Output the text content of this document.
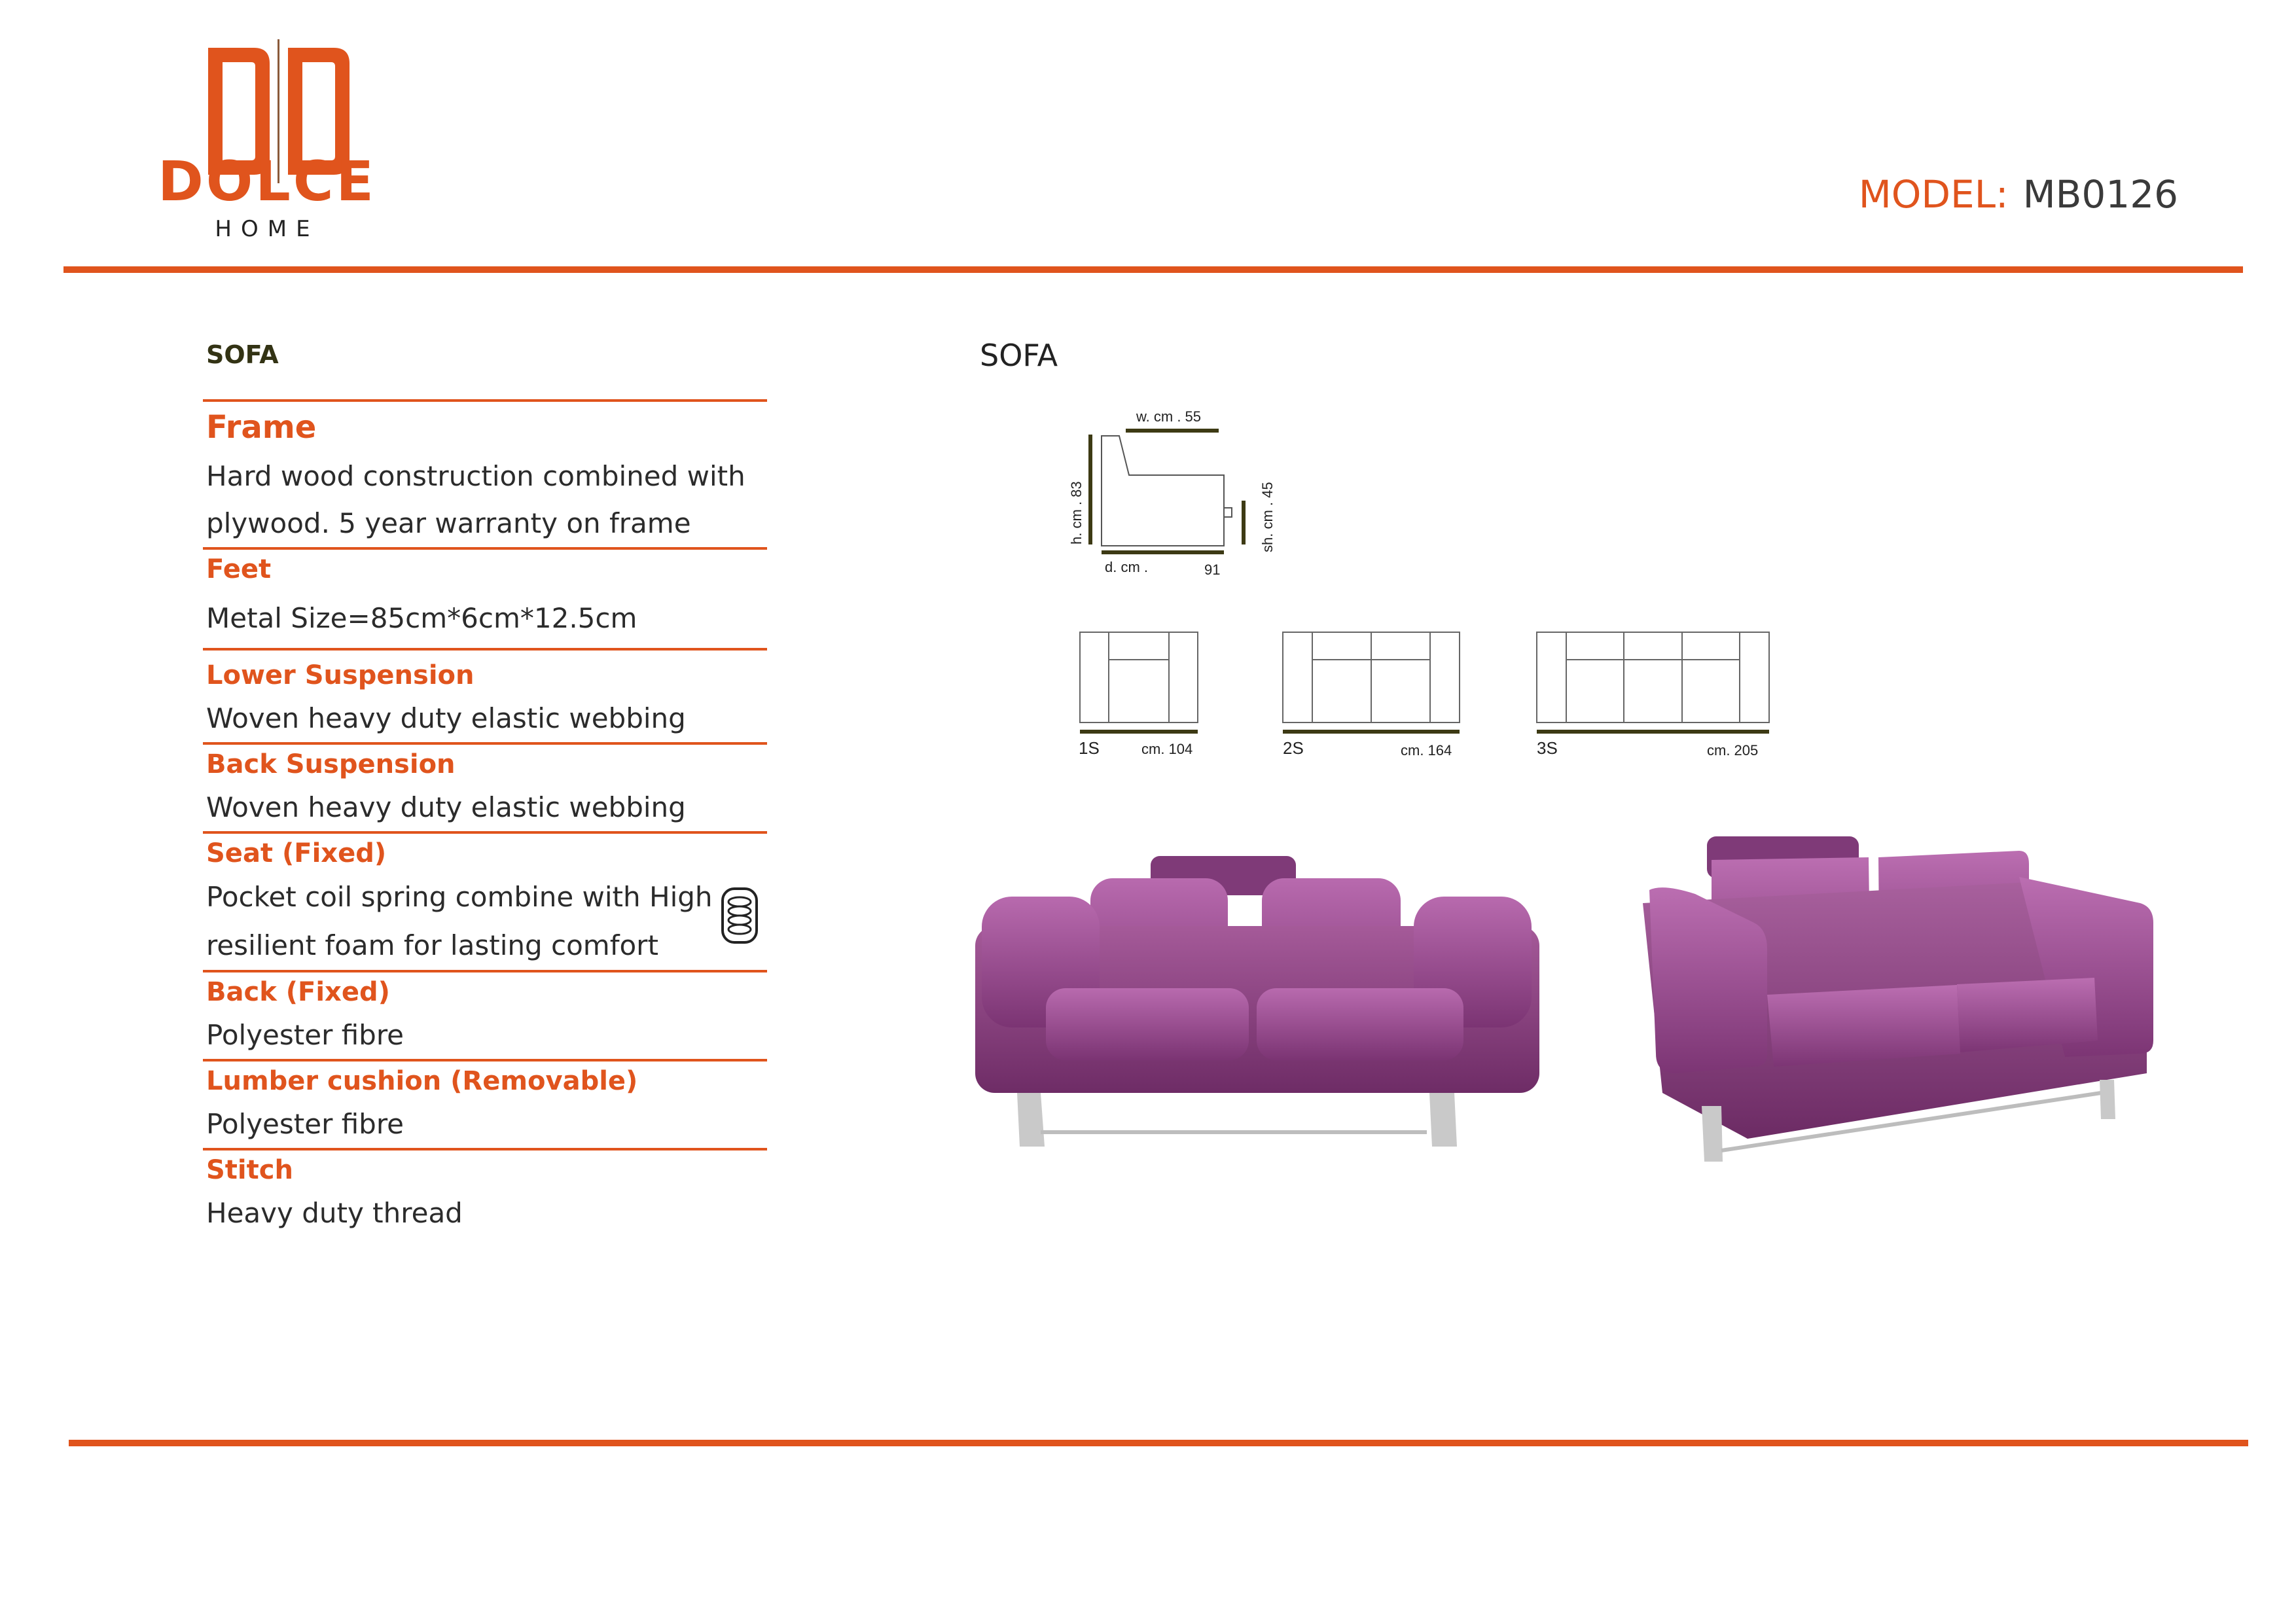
DOLCE
HOME
MODEL: MB0126
SOFA
Frame
Hard wood construction combined with
plywood. 5 year warranty on frame
Feet
Metal Size=85cm*6cm*12.5cm
Lower Suspension
Woven heavy duty elastic webbing
Back Suspension
Woven heavy duty elastic webbing
Seat (Fixed)
Pocket coil spring combine with High
resilient foam for lasting comfort
Back (Fixed)
Polyester fibre
Lumber cushion (Removable)
Polyester fibre
Stitch
Heavy duty thread
SOFA
w. cm . 55
h. cm . 83
d. cm .	91
sh. cm . 45
1S	cm. 104	2S	cm. 164	3S	cm. 205
